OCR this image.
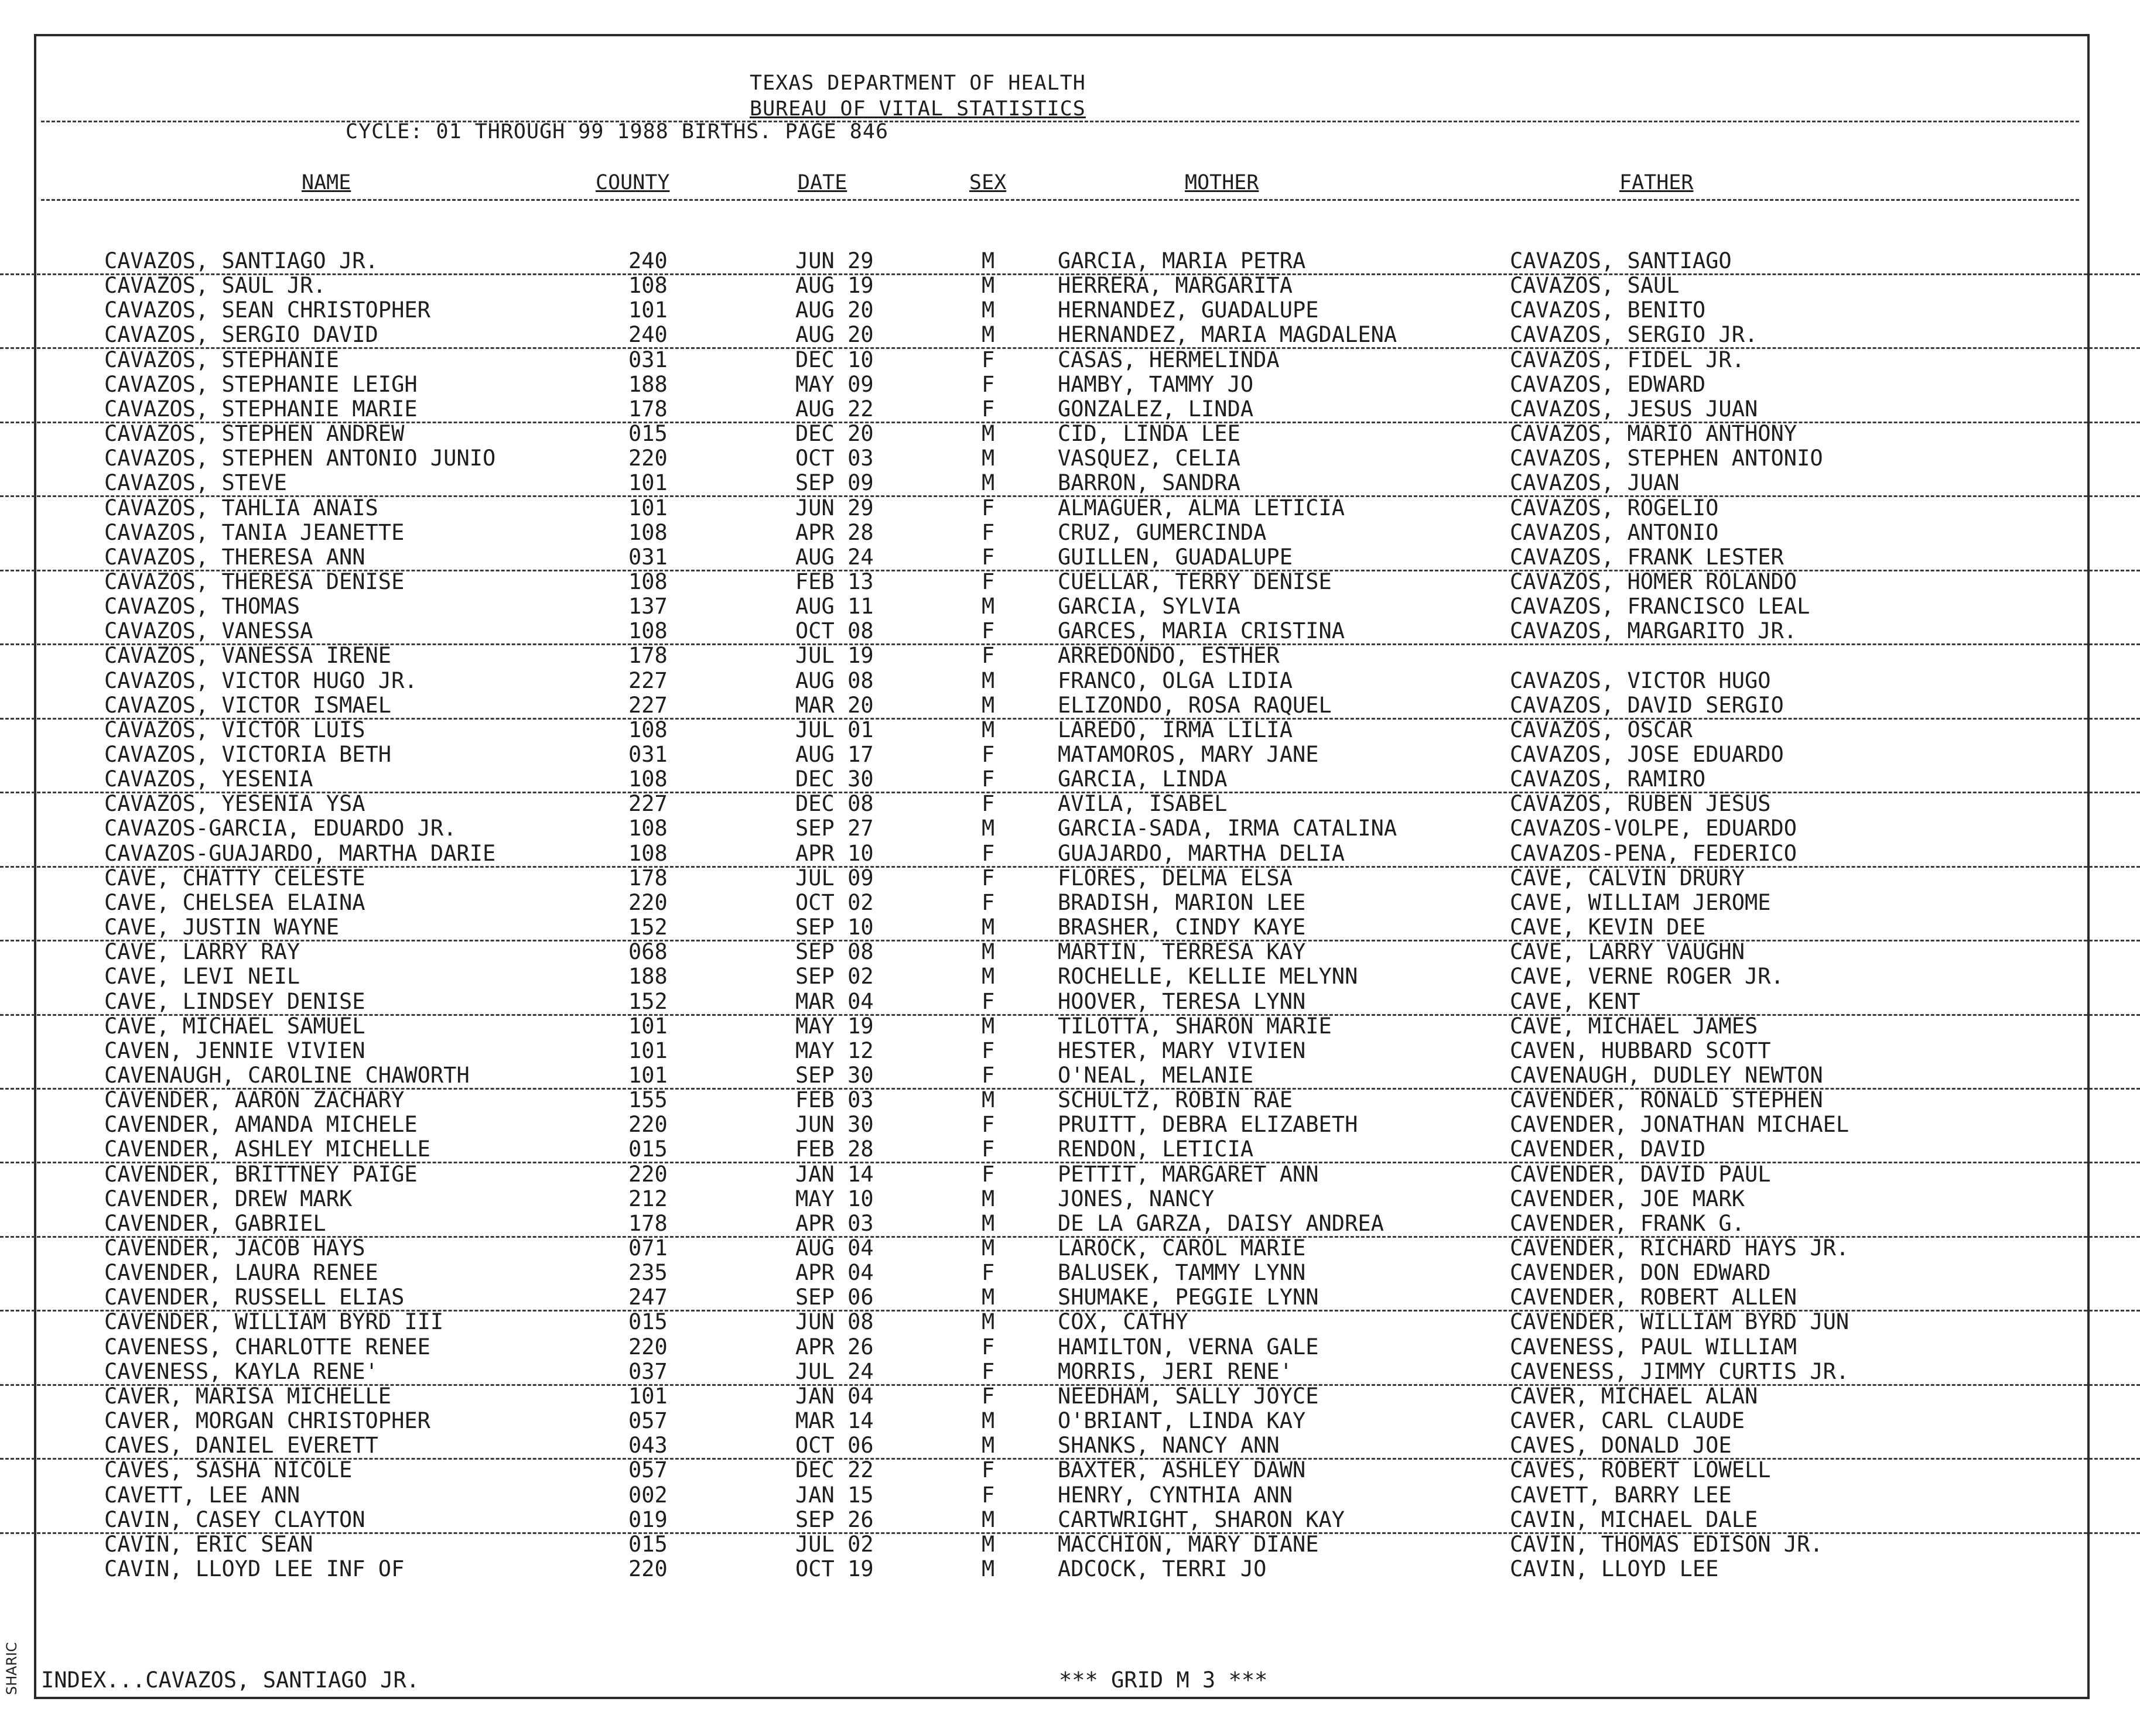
SHARIC
TEXAS DEPARTMENT OF HEALTH
BUREAU OF VITAL STATISTICS
CYCLE: 01 THROUGH 99 1988 BIRTHS. PAGE 846
NAME	COUNTY	DATE	SEX	MOTHER	FATHER
CAVAZOS, SANTIAGO JR.	240	JUN 29	M	GARCIA, MARIA PETRA	CAVAZOS, SANTIAGO
CAVAZOS, SAUL JR.	108	AUG 19	M	HERRERA, MARGARITA	CAVAZOS, SAUL
CAVAZOS, SEAN CHRISTOPHER	101	AUG 20	M	HERNANDEZ, GUADALUPE	CAVAZOS, BENITO
CAVAZOS, SERGIO DAVID	240	AUG 20	M	HERNANDEZ, MARIA MAGDALENA	CAVAZOS, SERGIO JR.
CAVAZOS, STEPHANIE	031	DEC 10	F	CASAS, HERMELINDA	CAVAZOS, FIDEL JR.
CAVAZOS, STEPHANIE LEIGH	188	MAY 09	F	HAMBY, TAMMY JO	CAVAZOS, EDWARD
CAVAZOS, STEPHANIE MARIE	178	AUG 22	F	GONZALEZ, LINDA	CAVAZOS, JESUS JUAN
CAVAZOS, STEPHEN ANDREW	015	DEC 20	M	CID, LINDA LEE	CAVAZOS, MARIO ANTHONY
CAVAZOS, STEPHEN ANTONIO JUNIO	220	OCT 03	M	VASQUEZ, CELIA	CAVAZOS, STEPHEN ANTONIO
CAVAZOS, STEVE	101	SEP 09	M	BARRON, SANDRA	CAVAZOS, JUAN
CAVAZOS, TAHLIA ANAIS	101	JUN 29	F	ALMAGUER, ALMA LETICIA	CAVAZOS, ROGELIO
CAVAZOS, TANIA JEANETTE	108	APR 28	F	CRUZ, GUMERCINDA	CAVAZOS, ANTONIO
CAVAZOS, THERESA ANN	031	AUG 24	F	GUILLEN, GUADALUPE	CAVAZOS, FRANK LESTER
CAVAZOS, THERESA DENISE	108	FEB 13	F	CUELLAR, TERRY DENISE	CAVAZOS, HOMER ROLANDO
CAVAZOS, THOMAS	137	AUG 11	M	GARCIA, SYLVIA	CAVAZOS, FRANCISCO LEAL
CAVAZOS, VANESSA	108	OCT 08	F	GARCES, MARIA CRISTINA	CAVAZOS, MARGARITO JR.
CAVAZOS, VANESSA IRENE	178	JUL 19	F	ARREDONDO, ESTHER
CAVAZOS, VICTOR HUGO JR.	227	AUG 08	M	FRANCO, OLGA LIDIA	CAVAZOS, VICTOR HUGO
CAVAZOS, VICTOR ISMAEL	227	MAR 20	M	ELIZONDO, ROSA RAQUEL	CAVAZOS, DAVID SERGIO
CAVAZOS, VICTOR LUIS	108	JUL 01	M	LAREDO, IRMA LILIA	CAVAZOS, OSCAR
CAVAZOS, VICTORIA BETH	031	AUG 17	F	MATAMOROS, MARY JANE	CAVAZOS, JOSE EDUARDO
CAVAZOS, YESENIA	108	DEC 30	F	GARCIA, LINDA	CAVAZOS, RAMIRO
CAVAZOS, YESENIA YSA	227	DEC 08	F	AVILA, ISABEL	CAVAZOS, RUBEN JESUS
CAVAZOS-GARCIA, EDUARDO JR.	108	SEP 27	M	GARCIA-SADA, IRMA CATALINA	CAVAZOS-VOLPE, EDUARDO
CAVAZOS-GUAJARDO, MARTHA DARIE	108	APR 10	F	GUAJARDO, MARTHA DELIA	CAVAZOS-PENA, FEDERICO
CAVE, CHATTY CELESTE	178	JUL 09	F	FLORES, DELMA ELSA	CAVE, CALVIN DRURY
CAVE, CHELSEA ELAINA	220	OCT 02	F	BRADISH, MARION LEE	CAVE, WILLIAM JEROME
CAVE, JUSTIN WAYNE	152	SEP 10	M	BRASHER, CINDY KAYE	CAVE, KEVIN DEE
CAVE, LARRY RAY	068	SEP 08	M	MARTIN, TERRESA KAY	CAVE, LARRY VAUGHN
CAVE, LEVI NEIL	188	SEP 02	M	ROCHELLE, KELLIE MELYNN	CAVE, VERNE ROGER JR.
CAVE, LINDSEY DENISE	152	MAR 04	F	HOOVER, TERESA LYNN	CAVE, KENT
CAVE, MICHAEL SAMUEL	101	MAY 19	M	TILOTTA, SHARON MARIE	CAVE, MICHAEL JAMES
CAVEN, JENNIE VIVIEN	101	MAY 12	F	HESTER, MARY VIVIEN	CAVEN, HUBBARD SCOTT
CAVENAUGH, CAROLINE CHAWORTH	101	SEP 30	F	O'NEAL, MELANIE	CAVENAUGH, DUDLEY NEWTON
CAVENDER, AARON ZACHARY	155	FEB 03	M	SCHULTZ, ROBIN RAE	CAVENDER, RONALD STEPHEN
CAVENDER, AMANDA MICHELE	220	JUN 30	F	PRUITT, DEBRA ELIZABETH	CAVENDER, JONATHAN MICHAEL
CAVENDER, ASHLEY MICHELLE	015	FEB 28	F	RENDON, LETICIA	CAVENDER, DAVID
CAVENDER, BRITTNEY PAIGE	220	JAN 14	F	PETTIT, MARGARET ANN	CAVENDER, DAVID PAUL
CAVENDER, DREW MARK	212	MAY 10	M	JONES, NANCY	CAVENDER, JOE MARK
CAVENDER, GABRIEL	178	APR 03	M	DE LA GARZA, DAISY ANDREA	CAVENDER, FRANK G.
CAVENDER, JACOB HAYS	071	AUG 04	M	LAROCK, CAROL MARIE	CAVENDER, RICHARD HAYS JR.
CAVENDER, LAURA RENEE	235	APR 04	F	BALUSEK, TAMMY LYNN	CAVENDER, DON EDWARD
CAVENDER, RUSSELL ELIAS	247	SEP 06	M	SHUMAKE, PEGGIE LYNN	CAVENDER, ROBERT ALLEN
CAVENDER, WILLIAM BYRD III	015	JUN 08	M	COX, CATHY	CAVENDER, WILLIAM BYRD JUN
CAVENESS, CHARLOTTE RENEE	220	APR 26	F	HAMILTON, VERNA GALE	CAVENESS, PAUL WILLIAM
CAVENESS, KAYLA RENE'	037	JUL 24	F	MORRIS, JERI RENE'	CAVENESS, JIMMY CURTIS JR.
CAVER, MARISA MICHELLE	101	JAN 04	F	NEEDHAM, SALLY JOYCE	CAVER, MICHAEL ALAN
CAVER, MORGAN CHRISTOPHER	057	MAR 14	M	O'BRIANT, LINDA KAY	CAVER, CARL CLAUDE
CAVES, DANIEL EVERETT	043	OCT 06	M	SHANKS, NANCY ANN	CAVES, DONALD JOE
CAVES, SASHA NICOLE	057	DEC 22	F	BAXTER, ASHLEY DAWN	CAVES, ROBERT LOWELL
CAVETT, LEE ANN	002	JAN 15	F	HENRY, CYNTHIA ANN	CAVETT, BARRY LEE
CAVIN, CASEY CLAYTON	019	SEP 26	M	CARTWRIGHT, SHARON KAY	CAVIN, MICHAEL DALE
CAVIN, ERIC SEAN	015	JUL 02	M	MACCHION, MARY DIANE	CAVIN, THOMAS EDISON JR.
CAVIN, LLOYD LEE INF OF	220	OCT 19	M	ADCOCK, TERRI JO	CAVIN, LLOYD LEE
INDEX...CAVAZOS, SANTIAGO JR.	*** GRID M 3 ***
